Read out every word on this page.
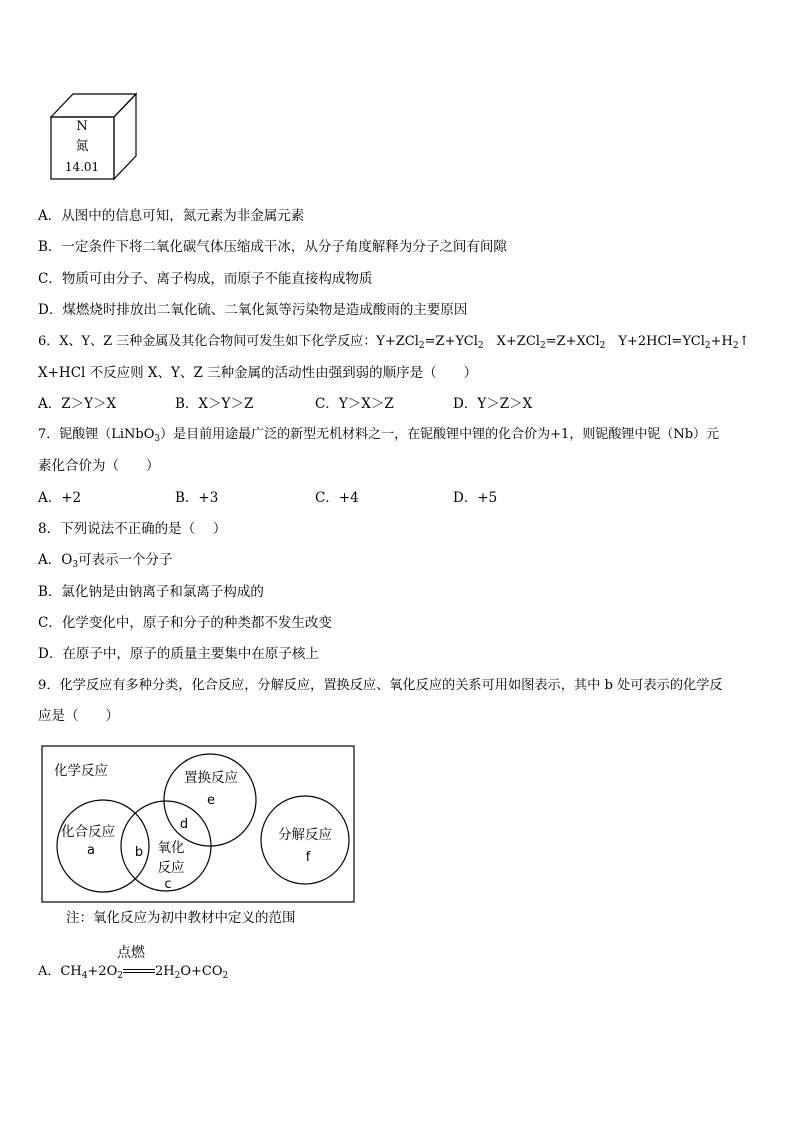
N
氮
14.01
A．从图中的信息可知，氮元素为非金属元素
B．一定条件下将二氧化碳气体压缩成干冰，从分子角度解释为分子之间有间隙
C．物质可由分子、离子构成，而原子不能直接构成物质
D．煤燃烧时排放出二氧化硫、二氧化氮等污染物是造成酸雨的主要原因
6．X、Y、Z 三种金属及其化合物间可发生如下化学反应：Y+ZCl$_2$=Z+YCl$_2$　X+ZCl$_2$=Z+XCl$_2$　$Y+2HCl=YCl_2+H_2↑$
X+HCl 不反应则 X、Y、Z 三种金属的活动性由强到弱的顺序是（　　）
A．Z＞Y＞X	B．X＞Y＞Z	C．Y＞X＞Z	D．Y＞Z＞X
7．铌酸锂（LiNbO$_3$）是目前用途最广泛的新型无机材料之一，在铌酸锂中锂的化合价为+1，则铌酸锂中铌（Nb）元
素化合价为（　　）
A．+2	B．+3	C．+4	D．+5
8．下列说法不正确的是（　 ）
A．$O_3$可表示一个分子
B．氯化钠是由钠离子和氯离子构成的
C．化学变化中，原子和分子的种类都不发生改变
D．在原子中，原子的质量主要集中在原子核上
9．化学反应有多种分类，化合反应，分解反应，置换反应、氧化反应的关系可用如图表示，其中 b 处可表示的化学反
应是（　　）
化学反应	置换反应
e
d
化合反应
a	b 氧化
反应
c
分解反应
f
注：氧化反应为初中教材中定义的范围
A．$CH_4+2O_2$ $2H_2O+CO_2$
点燃
